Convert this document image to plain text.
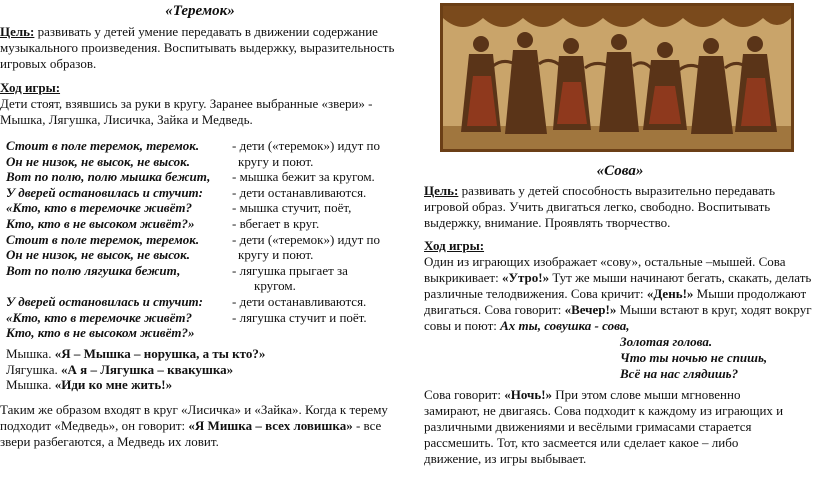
«Теремок»
Цель: развивать у детей умение передавать в движении содержание музыкального произведения. Воспитывать выдержку, выразительность игровых образов.
Ход игры:
Дети стоят, взявшись за руки в кругу. Заранее выбранные «звери» - Мышка, Лягушка, Лисичка, Зайка и Медведь.
Стоит в поле теремок, теремок.
Он не низок, не высок, не высок.
Вот по полю, полю мышка бежит,
У дверей остановилась и стучит:
«Кто, кто в теремочке живёт?
Кто, кто в не высоком живёт?»
Стоит в поле теремок, теремок.
Он не низок, не высок, не высок.
Вот по полю лягушка бежит,

У дверей остановилась и стучит:
«Кто, кто в теремочке живёт?
Кто, кто в не высоком живёт?»
- дети («теремок») идут по
кругу и поют.
- мышка бежит за кругом.
- дети останавливаются.
- мышка стучит, поёт,
- вбегает в круг.
- дети («теремок») идут по
кругу и поют.
- лягушка прыгает за
кругом.
- дети останавливаются.
- лягушка стучит и поёт.
Мышка. «Я – Мышка – норушка, а ты кто?»
Лягушка. «А я – Лягушка – квакушка»
Мышка. «Иди ко мне жить!»
Таким же образом входят в круг «Лисичка» и «Зайка». Когда к терему подходит «Медведь», он говорит: «Я Мишка – всех ловишка» - все звери разбегаются, а Медведь их ловит.
«Сова»
Цель: развивать у детей способность выразительно передавать игровой образ. Учить двигаться легко, свободно. Воспитывать выдержку, внимание. Проявлять творчество.
Ход игры:
Один из играющих изображает «сову», остальные –мышей. Сова выкрикивает: «Утро!» Тут же мыши начинают бегать, скакать, делать различные телодвижения. Сова кричит: «День!» Мыши продолжают двигаться. Сова говорит: «Вечер!» Мыши встают в круг, ходят вокруг совы и поют: Ах ты, совушка - сова,
Золотая голова.
Что ты ночью не спишь,
Всё на нас глядишь?
Сова говорит: «Ночь!» При этом слове мыши мгновенно замирают, не двигаясь. Сова подходит к каждому из играющих и различными движениями и весёлыми гримасами старается рассмешить. Тот, кто засмеется или сделает какое – либо движение, из игры выбывает.
